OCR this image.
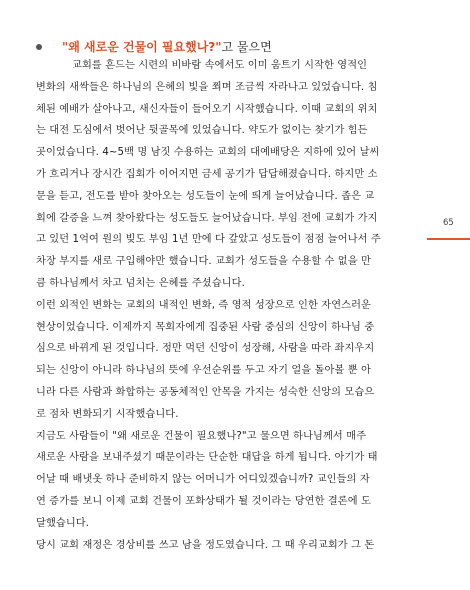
"왜 새로운 건물이 필요했나?"고 물으면
교회를 흔드는 시련의 비바람 속에서도 이미 움트기 시작한 영적인
변화의 새싹들은 하나님의 은혜의 빛을 쬐며 조금씩 자라나고 있었습니다. 침
체된 예배가 살아나고, 새신자들이 들어오기 시작했습니다. 이때 교회의 위치
는 대전 도심에서 벗어난 뒷골목에 있었습니다. 약도가 없이는 찾기가 힘든
곳이었습니다. 4~5백 명 남짓 수용하는 교회의 대예배당은 지하에 있어 날씨
가 흐리거나 장시간 집회가 이어지면 금세 공기가 답답해졌습니다. 하지만 소
문을 듣고, 전도를 받아 찾아오는 성도들이 눈에 띄게 늘어났습니다. 좁은 교
회에 갈증을 느껴 찾아왔다는 성도들도 늘어났습니다. 부임 전에 교회가 가지
고 있던 1억여 원의 빚도 부임 1년 만에 다 갚았고 성도들이 점점 늘어나서 주
차장 부지를 새로 구입해야만 했습니다. 교회가 성도들을 수용할 수 없을 만
큼 하나님께서 차고 넘치는 은혜를 주셨습니다.
이런 외적인 변화는 교회의 내적인 변화, 즉 영적 성장으로 인한 자연스러운
현상이었습니다. 이제까지 목회자에게 집중된 사람 중심의 신앙이 하나님 중
심으로 바뀌게 된 것입니다. 정만 먹던 신앙이 성장해, 사람을 따라 좌지우지
되는 신앙이 아니라 하나님의 뜻에 우선순위를 두고 자기 얼을 돌아볼 뿐 아
니라 다른 사람과 화합하는 공동체적인 안목을 가지는 성숙한 신앙의 모습으
로 점차 변화되기 시작했습니다.
지금도 사람들이 "왜 새로운 건물이 필요했나?"고 물으면 하나님께서 매주
새로운 사람을 보내주셨기 때문이라는 단순한 대답을 하게 됩니다. 아기가 태
어날 때 배냇옷 하나 준비하지 않는 어머니가 어디있겠습니까? 교인들의 자
연 증가를 보니 이제 교회 건물이 포화상태가 될 것이라는 당연한 결론에 도
달했습니다.
당시 교회 재정은 경상비를 쓰고 남을 정도였습니다. 그 때 우리교회가 그 돈
65
